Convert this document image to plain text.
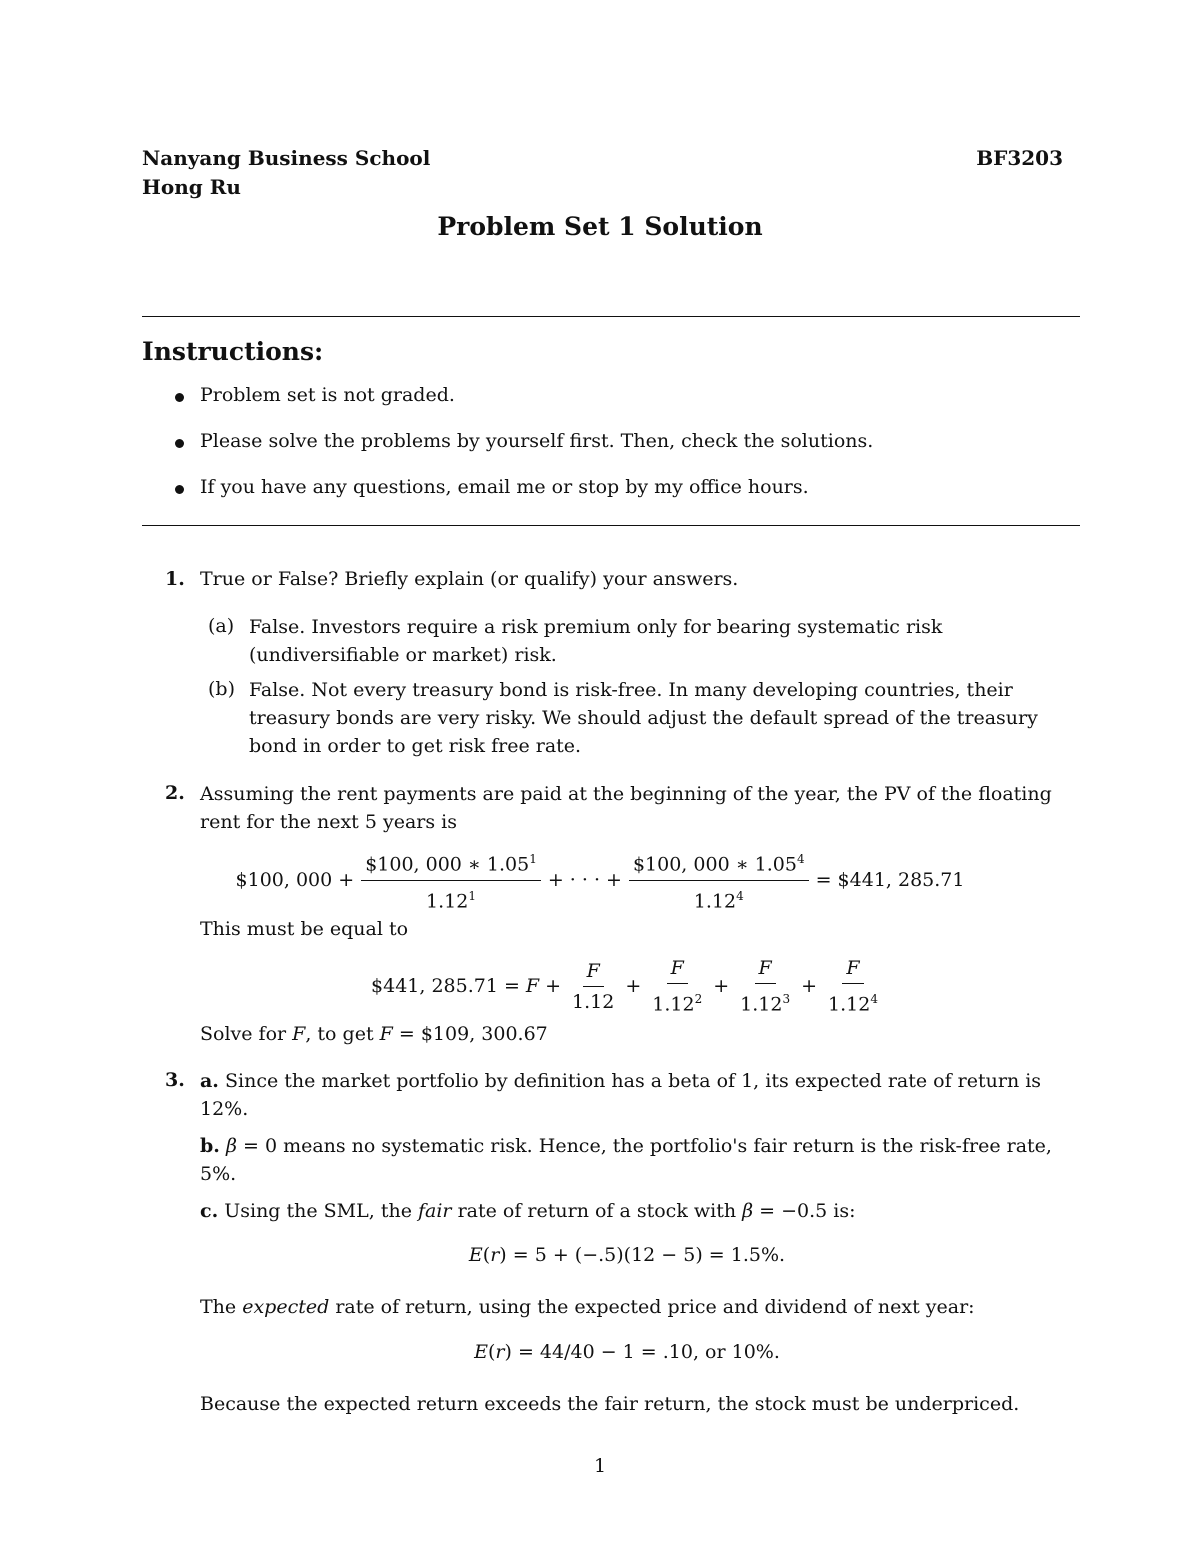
Nanyang Business School
Hong Ru
BF3203
Problem Set 1 Solution
Instructions:
Problem set is not graded.
Please solve the problems by yourself first. Then, check the solutions.
If you have any questions, email me or stop by my office hours.
1. True or False? Briefly explain (or qualify) your answers.
(a) False. Investors require a risk premium only for bearing systematic risk (undiversifiable or market) risk.
(b) False. Not every treasury bond is risk-free. In many developing countries, their treasury bonds are very risky. We should adjust the default spread of the treasury bond in order to get risk free rate.
2. Assuming the rent payments are paid at the beginning of the year, the PV of the floating rent for the next 5 years is
$100, $000 + \frac{\$100, 000 ∗ 1.05^1}{1.12^1}$ + · · · + $\frac{\$100, 000 ∗ 1.05^4}{1.12^4}$ = $441, 285.71
This must be equal to
$441, $285.71 = F + \frac{F}{1.12} + \frac{F}{1.12^2} + \frac{F}{1.12^3} + \frac{F}{1.12^4}$
Solve for F, to get F = $109, 300.67
3. a. Since the market portfolio by definition has a beta of 1, its expected rate of return is 12%.
b. β = 0 means no systematic risk. Hence, the portfolio's fair return is the risk-free rate, 5%.
c. Using the SML, the fair rate of return of a stock with β = −0.5 is:
E(r) = 5 + (−.5)(12 − 5) = 1.5%.
The expected rate of return, using the expected price and dividend of next year:
E(r) = 44/40 − 1 = .10, or 10%.
Because the expected return exceeds the fair return, the stock must be underpriced.
1
